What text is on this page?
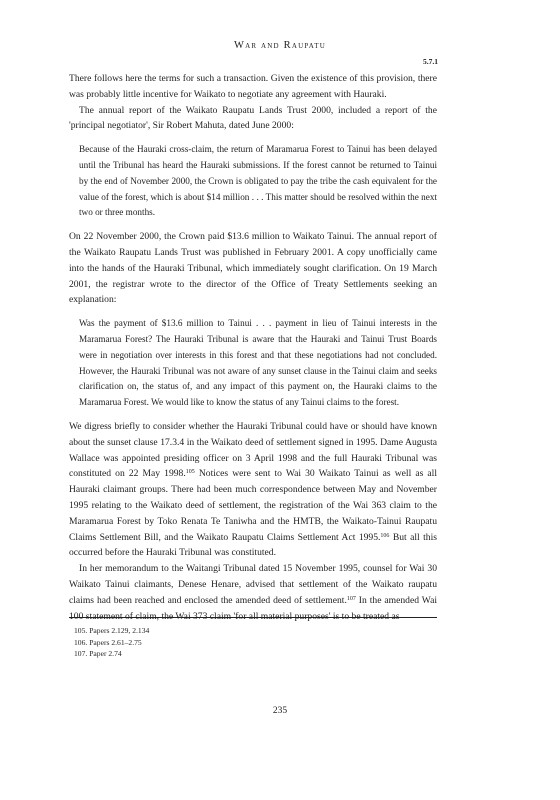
War and Raupatu
5.7.1

There follows here the terms for such a transaction. Given the existence of this provision, there was probably little incentive for Waikato to negotiate any agreement with Hauraki.

The annual report of the Waikato Raupatu Lands Trust 2000, included a report of the 'principal negotiator', Sir Robert Mahuta, dated June 2000:

Because of the Hauraki cross-claim, the return of Maramarua Forest to Tainui has been delayed until the Tribunal has heard the Hauraki submissions. If the forest cannot be returned to Tainui by the end of November 2000, the Crown is obligated to pay the tribe the cash equivalent for the value of the forest, which is about $14 million . . . This matter should be resolved within the next two or three months.

On 22 November 2000, the Crown paid $13.6 million to Waikato Tainui. The annual report of the Waikato Raupatu Lands Trust was published in February 2001. A copy unofficially came into the hands of the Hauraki Tribunal, which immediately sought clarification. On 19 March 2001, the registrar wrote to the director of the Office of Treaty Settlements seeking an explanation:

Was the payment of $13.6 million to Tainui . . . payment in lieu of Tainui interests in the Maramarua Forest? The Hauraki Tribunal is aware that the Hauraki and Tainui Trust Boards were in negotiation over interests in this forest and that these negotiations had not concluded. However, the Hauraki Tribunal was not aware of any sunset clause in the Tainui claim and seeks clarification on, the status of, and any impact of this payment on, the Hauraki claims to the Maramarua Forest. We would like to know the status of any Tainui claims to the forest.

We digress briefly to consider whether the Hauraki Tribunal could have or should have known about the sunset clause 17.3.4 in the Waikato deed of settlement signed in 1995. Dame Augusta Wallace was appointed presiding officer on 3 April 1998 and the full Hauraki Tribunal was constituted on 22 May 1998.$^{105}$ Notices were sent to Wai 30 Waikato Tainui as well as all Hauraki claimant groups. There had been much correspondence between May and November 1995 relating to the Waikato deed of settlement, the registration of the Wai 363 claim to the Maramarua Forest by Toko Renata Te Taniwha and the HMTB, the Waikato-Tainui Raupatu Claims Settlement Bill, and the Waikato Raupatu Claims Settlement Act 1995.$^{106}$ But all this occurred before the Hauraki Tribunal was constituted.

In her memorandum to the Waitangi Tribunal dated 15 November 1995, counsel for Wai 30 Waikato Tainui claimants, Denese Henare, advised that settlement of the Waikato raupatu claims had been reached and enclosed the amended deed of settlement.$^{107}$ In the amended Wai 100 statement of claim, the Wai 373 claim 'for all material purposes' is to be treated as

105. Papers 2.129, 2.134
106. Papers 2.61–2.75
107. Paper 2.74
235
